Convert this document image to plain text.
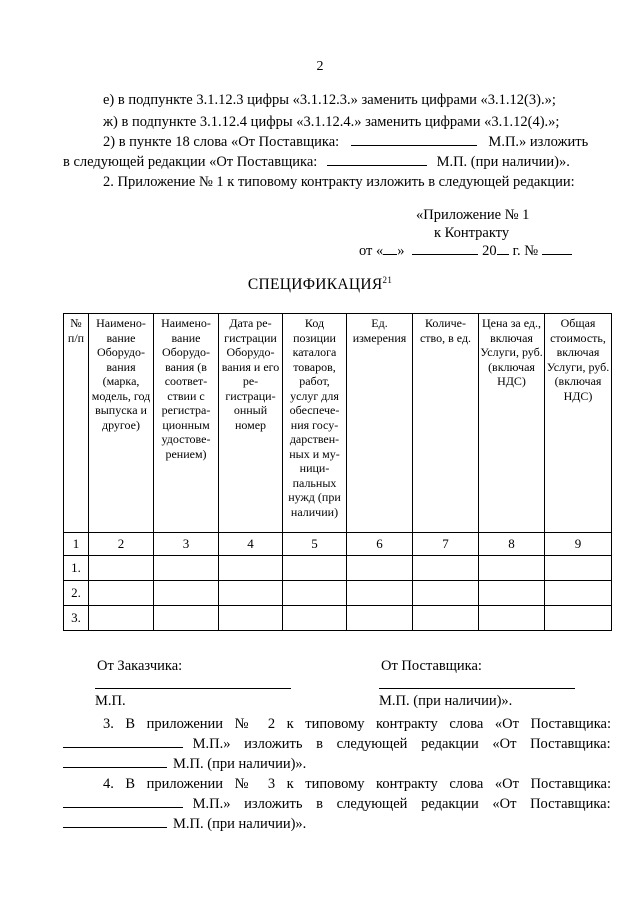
2
е) в подпункте 3.1.12.3 цифры «3.1.12.3.» заменить цифрами «3.1.12(3).»;
ж) в подпункте 3.1.12.4 цифры «3.1.12.4.» заменить цифрами «3.1.12(4).»;
2) в пункте 18 слова «От Поставщика:	М.П.» изложить
в следующей редакции «От Поставщика:	М.П. (при наличии)».
2. Приложение № 1 к типовому контракту изложить в следующей редакции:
«Приложение № 1
к Контракту
от « »	20 г. №
СПЕЦИФИКАЦИЯ$^{21}$
№ п/п	Наимено- вание Оборудо- вания (марка, модель, год выпуска и другое)	Наимено- вание Оборудо- вания (в соответ- ствии с регистра- ционным удостове- рением)	Дата ре- гистрации Оборудо- вания и его ре- гистраци- онный номер	Код позиции каталога товаров, работ, услуг для обеспече- ния госу- дарствен- ных и му- ници- пальных нужд (при наличии)	Ед. измерения	Количе- ство, в ед.	Цена за ед., включая Услуги, руб. (включая НДС)	Общая стоимость, включая Услуги, руб. (включая НДС)
1	2	3	4	5	6	7	8	9
1.								
2.								
3.								
От Заказчика:	От Поставщика:
М.П.	М.П. (при наличии)».
3. В приложении № 2 к типовому контракту слова «От Поставщика:
М.П.» изложить в следующей редакции «От Поставщика:
М.П. (при наличии)».
4. В приложении № 3 к типовому контракту слова «От Поставщика:
М.П.» изложить в следующей редакции «От Поставщика:
М.П. (при наличии)».
